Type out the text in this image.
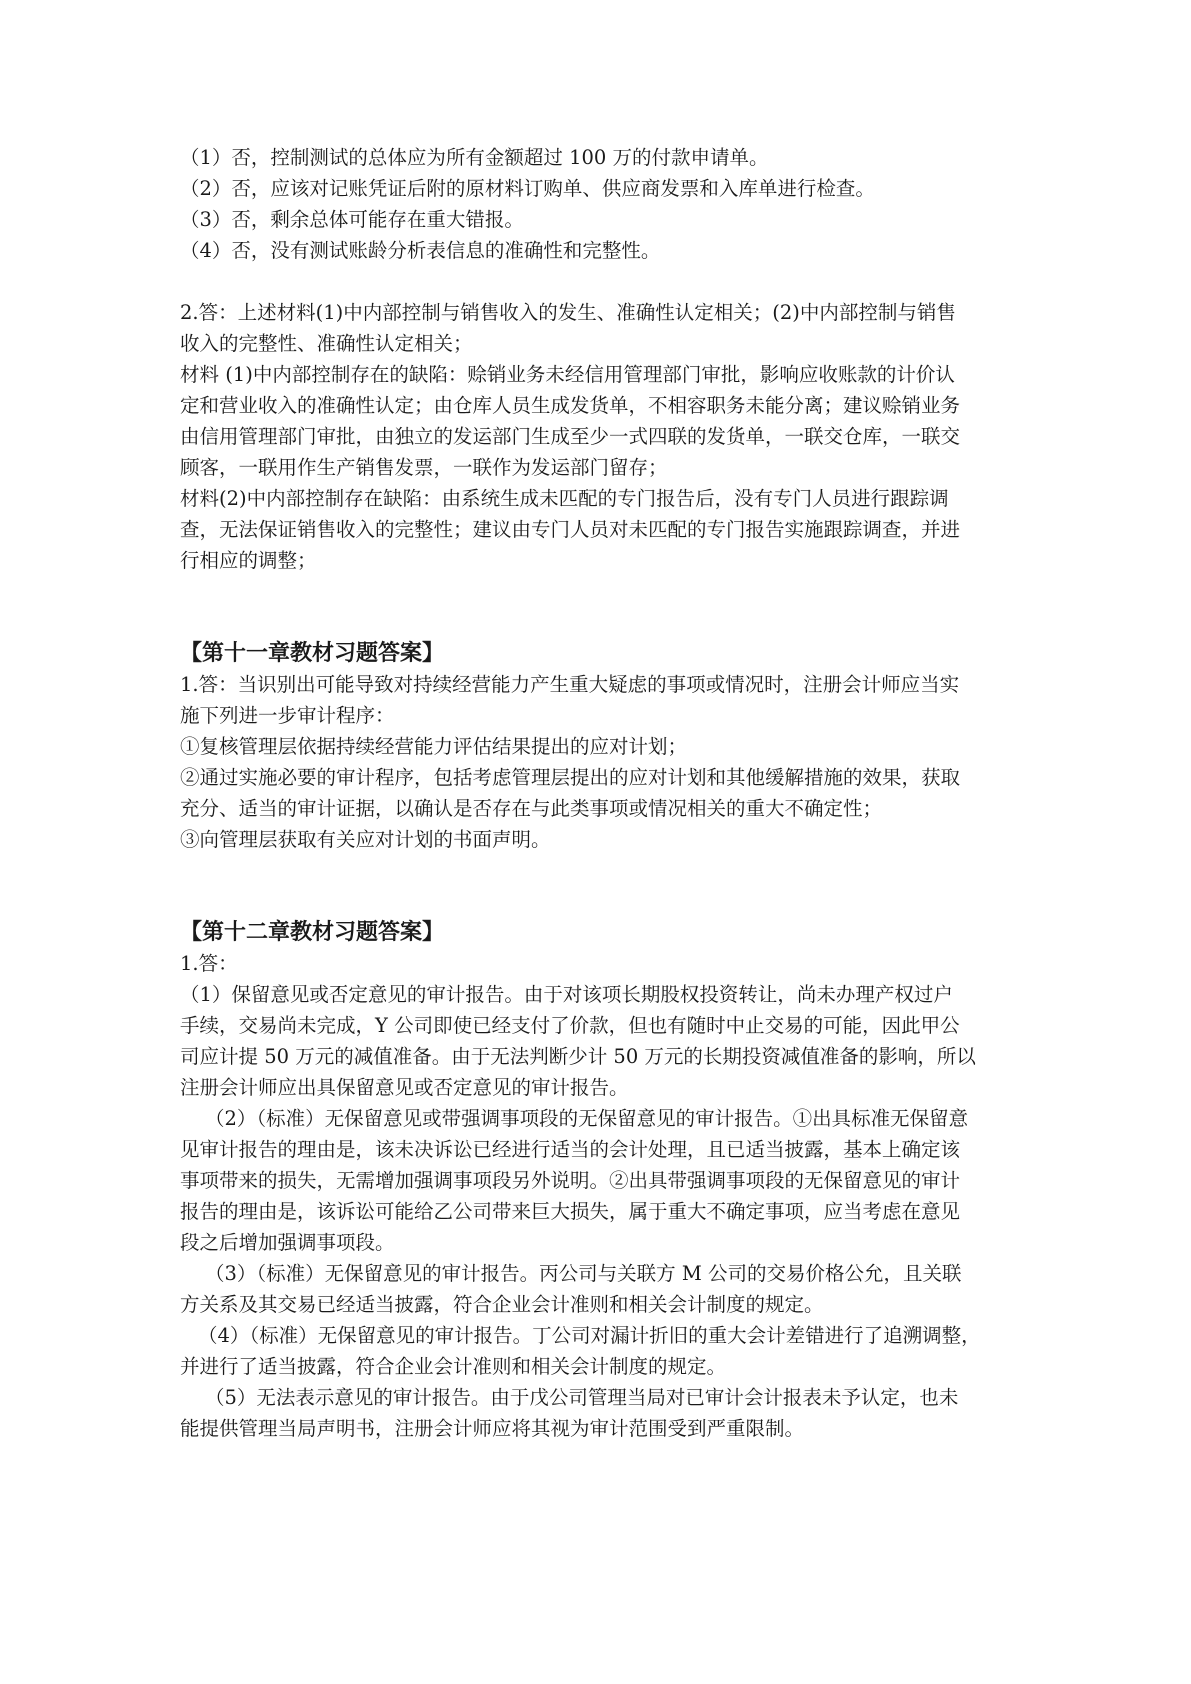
（1）否，控制测试的总体应为所有金额超过 100 万的付款申请单。

（2）否，应该对记账凭证后附的原材料订购单、供应商发票和入库单进行检查。

（3）否，剩余总体可能存在重大错报。

（4）否，没有测试账龄分析表信息的准确性和完整性。

2.答：上述材料(1)中内部控制与销售收入的发生、准确性认定相关；(2)中内部控制与销售

收入的完整性、准确性认定相关；

材料 (1)中内部控制存在的缺陷：赊销业务未经信用管理部门审批，影响应收账款的计价认

定和营业收入的准确性认定；由仓库人员生成发货单，不相容职务未能分离；建议赊销业务

由信用管理部门审批，由独立的发运部门生成至少一式四联的发货单，一联交仓库，一联交

顾客，一联用作生产销售发票，一联作为发运部门留存；

材料(2)中内部控制存在缺陷：由系统生成未匹配的专门报告后，没有专门人员进行跟踪调

查，无法保证销售收入的完整性；建议由专门人员对未匹配的专门报告实施跟踪调查，并进

行相应的调整；

【第十一章教材习题答案】

1.答：当识别出可能导致对持续经营能力产生重大疑虑的事项或情况时，注册会计师应当实

施下列进一步审计程序：

①复核管理层依据持续经营能力评估结果提出的应对计划；

②通过实施必要的审计程序，包括考虑管理层提出的应对计划和其他缓解措施的效果，获取

充分、适当的审计证据，以确认是否存在与此类事项或情况相关的重大不确定性；

③向管理层获取有关应对计划的书面声明。

【第十二章教材习题答案】

1.答：

（1）保留意见或否定意见的审计报告。由于对该项长期股权投资转让，尚未办理产权过户

手续，交易尚未完成，Y 公司即使已经支付了价款，但也有随时中止交易的可能，因此甲公

司应计提 50 万元的减值准备。由于无法判断少计 50 万元的长期投资减值准备的影响，所以

注册会计师应出具保留意见或否定意见的审计报告。

（2）（标准）无保留意见或带强调事项段的无保留意见的审计报告。①出具标准无保留意

见审计报告的理由是，该未决诉讼已经进行适当的会计处理，且已适当披露，基本上确定该

事项带来的损失，无需增加强调事项段另外说明。②出具带强调事项段的无保留意见的审计

报告的理由是，该诉讼可能给乙公司带来巨大损失，属于重大不确定事项，应当考虑在意见

段之后增加强调事项段。

（3）（标准）无保留意见的审计报告。丙公司与关联方 M 公司的交易价格公允，且关联

方关系及其交易已经适当披露，符合企业会计准则和相关会计制度的规定。

（4）（标准）无保留意见的审计报告。丁公司对漏计折旧的重大会计差错进行了追溯调整，

并进行了适当披露，符合企业会计准则和相关会计制度的规定。

（5）无法表示意见的审计报告。由于戊公司管理当局对已审计会计报表未予认定，也未

能提供管理当局声明书，注册会计师应将其视为审计范围受到严重限制。
